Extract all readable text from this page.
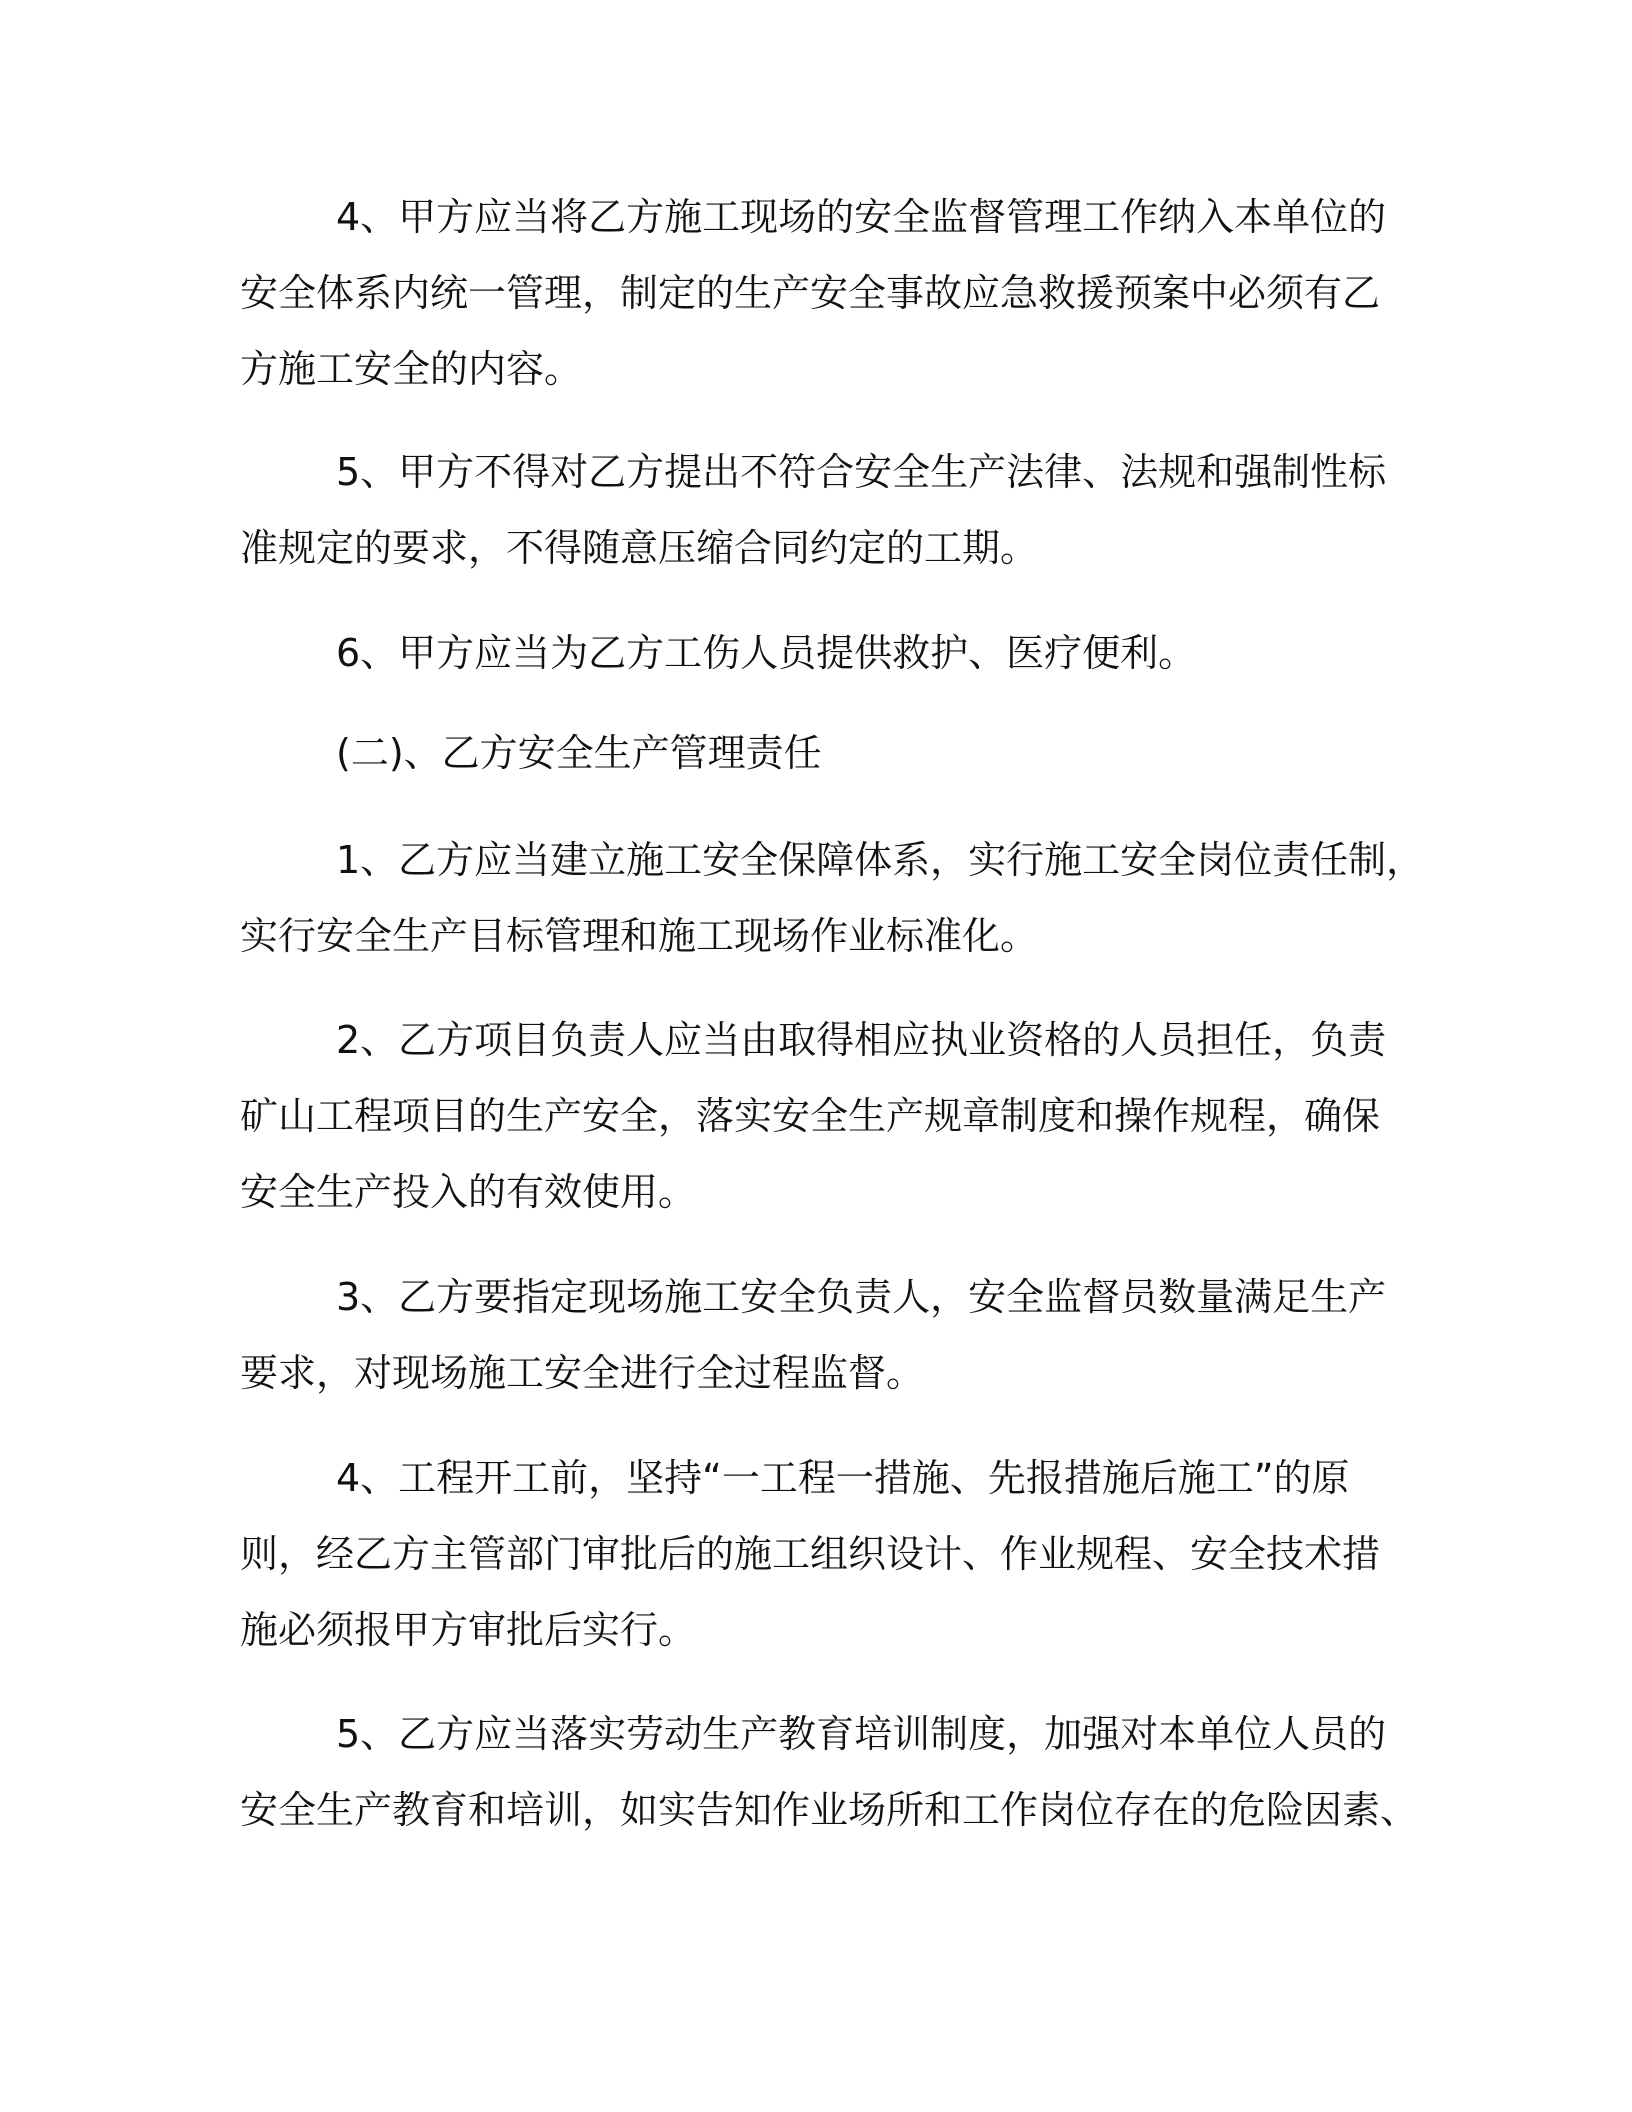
4、甲方应当将乙方施工现场的安全监督管理工作纳入本单位的
安全体系内统一管理，制定的生产安全事故应急救援预案中必须有乙
方施工安全的内容。
5、甲方不得对乙方提出不符合安全生产法律、法规和强制性标
准规定的要求，不得随意压缩合同约定的工期。
6、甲方应当为乙方工伤人员提供救护、医疗便利。
(二)、乙方安全生产管理责任
1、乙方应当建立施工安全保障体系，实行施工安全岗位责任制，
实行安全生产目标管理和施工现场作业标准化。
2、乙方项目负责人应当由取得相应执业资格的人员担任，负责
矿山工程项目的生产安全，落实安全生产规章制度和操作规程，确保
安全生产投入的有效使用。
3、乙方要指定现场施工安全负责人，安全监督员数量满足生产
要求，对现场施工安全进行全过程监督。
4、工程开工前，坚持“一工程一措施、先报措施后施工”的原
则，经乙方主管部门审批后的施工组织设计、作业规程、安全技术措
施必须报甲方审批后实行。
5、乙方应当落实劳动生产教育培训制度，加强对本单位人员的
安全生产教育和培训，如实告知作业场所和工作岗位存在的危险因素、
